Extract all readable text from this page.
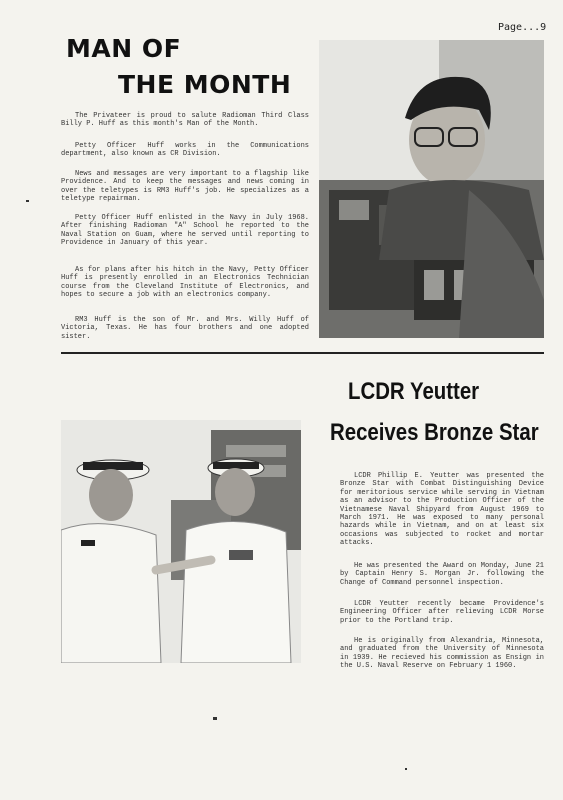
Page...9
MAN OF
THE MONTH

The Privateer is proud to salute Radioman Third Class Billy P. Huff as this month's Man of the Month.

Petty Officer Huff works in the Communications department, also known as CR Division.

News and messages are very important to a flagship like Providence. And to keep the messages and news coming in over the teletypes is RM3 Huff's job. He specializes as a teletype repairman.

Petty Officer Huff enlisted in the Navy in July 1968. After finishing Radioman "A" School he reported to the Naval Station on Guam, where he served until reporting to Providence in January of this year.

As for plans after his hitch in the Navy, Petty Officer Huff is presently enrolled in an Electronics Technician course from the Cleveland Institute of Electronics, and hopes to secure a job with an electronics company.

RM3 Huff is the son of Mr. and Mrs. Willy Huff of Victoria, Texas. He has four brothers and one adopted sister.

LCDR Yeutter
Receives Bronze Star

LCDR Phillip E. Yeutter was presented the Bronze Star with Combat Distinguishing Device for meritorious service while serving in Vietnam as an advisor to the Production Officer of the Vietnamese Naval Shipyard from August 1969 to March 1971. He was exposed to many personal hazards while in Vietnam, and on at least six occasions was subjected to rocket and mortar attacks.

He was presented the Award on Monday, June 21 by Captain Henry S. Morgan Jr. following the Change of Command personnel inspection.

LCDR Yeutter recently became Providence's Engineering Officer after relieving LCDR Morse prior to the Portland trip.

He is originally from Alexandria, Minnesota, and graduated from the University of Minnesota in 1939. He recieved his commission as Ensign in the U.S. Naval Reserve on February 1 1960.
